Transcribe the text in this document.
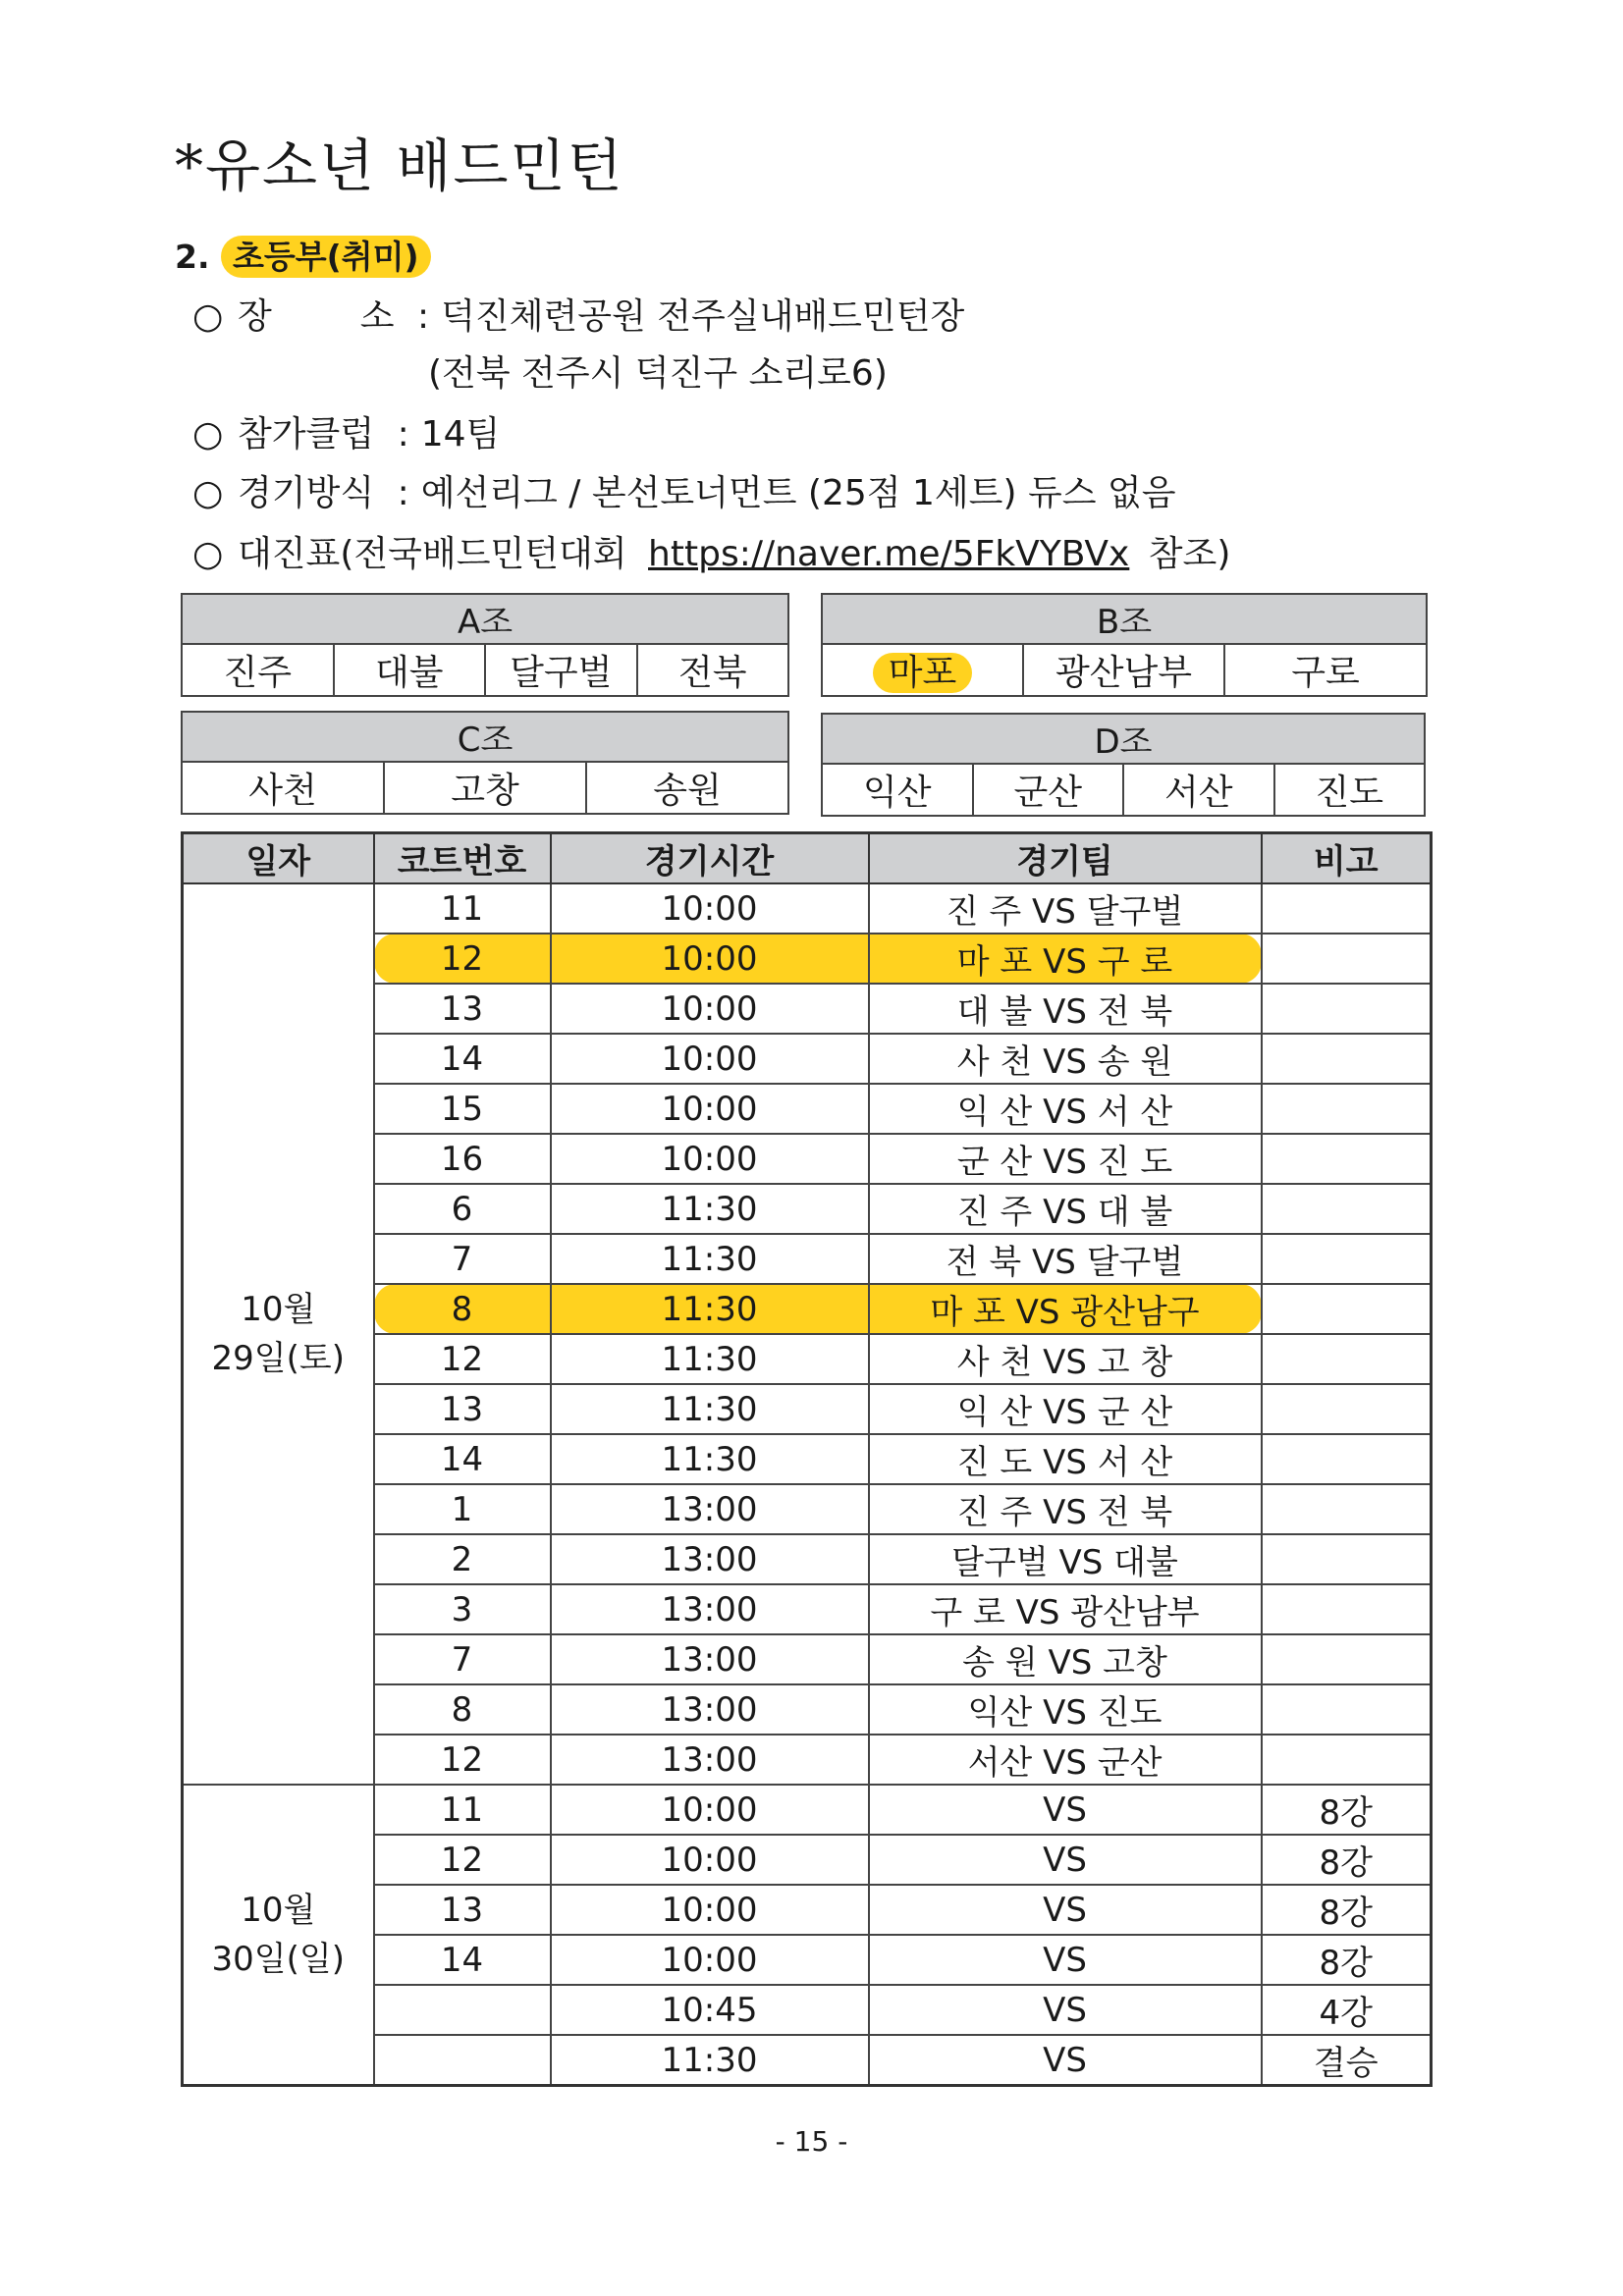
*유소년 배드민턴
2. 초등부(취미)
○ 장	소 : 덕진체련공원 전주실내배드민턴장
(전북 전주시 덕진구 소리로6)
○ 참가클럽 : 14팀
○ 경기방식 : 예선리그 / 본선토너먼트 (25점 1세트) 듀스 없음
○ 대진표(전국배드민턴대회 https://naver.me/5FkVYBVx 참조)
A조
진주	대불	달구벌	전북
B조
마포	광산남부	구로
C조
사천	고창	송원
D조
익산	군산	서산	진도
일자	코트번호	경기시간	경기팀	비고

10월
29일(토)	11	10:00	진 주 VS 달구벌	
	12	10:00	마 포 VS 구 로	
	13	10:00	대 불 VS 전 북	
	14	10:00	사 천 VS 송 원	
	15	10:00	익 산 VS 서 산	
	16	10:00	군 산 VS 진 도	
	6	11:30	진 주 VS 대 불	
	7	11:30	전 북 VS 달구벌	
	8	11:30	마 포 VS 광산남구	
	12	11:30	사 천 VS 고 창	
	13	11:30	익 산 VS 군 산	
	14	11:30	진 도 VS 서 산	
	1	13:00	진 주 VS 전 북	
	2	13:00	달구벌 VS 대불	
	3	13:00	구 로 VS 광산남부	
	7	13:00	송 원 VS 고창	
	8	13:00	익산 VS 진도	
	12	13:00	서산 VS 군산	

10월
30일(일)	11	10:00	VS	8강
	12	10:00	VS	8강
	13	10:00	VS	8강
	14	10:00	VS	8강
		10:45	VS	4강
		11:30	VS	결승
- 15 -
